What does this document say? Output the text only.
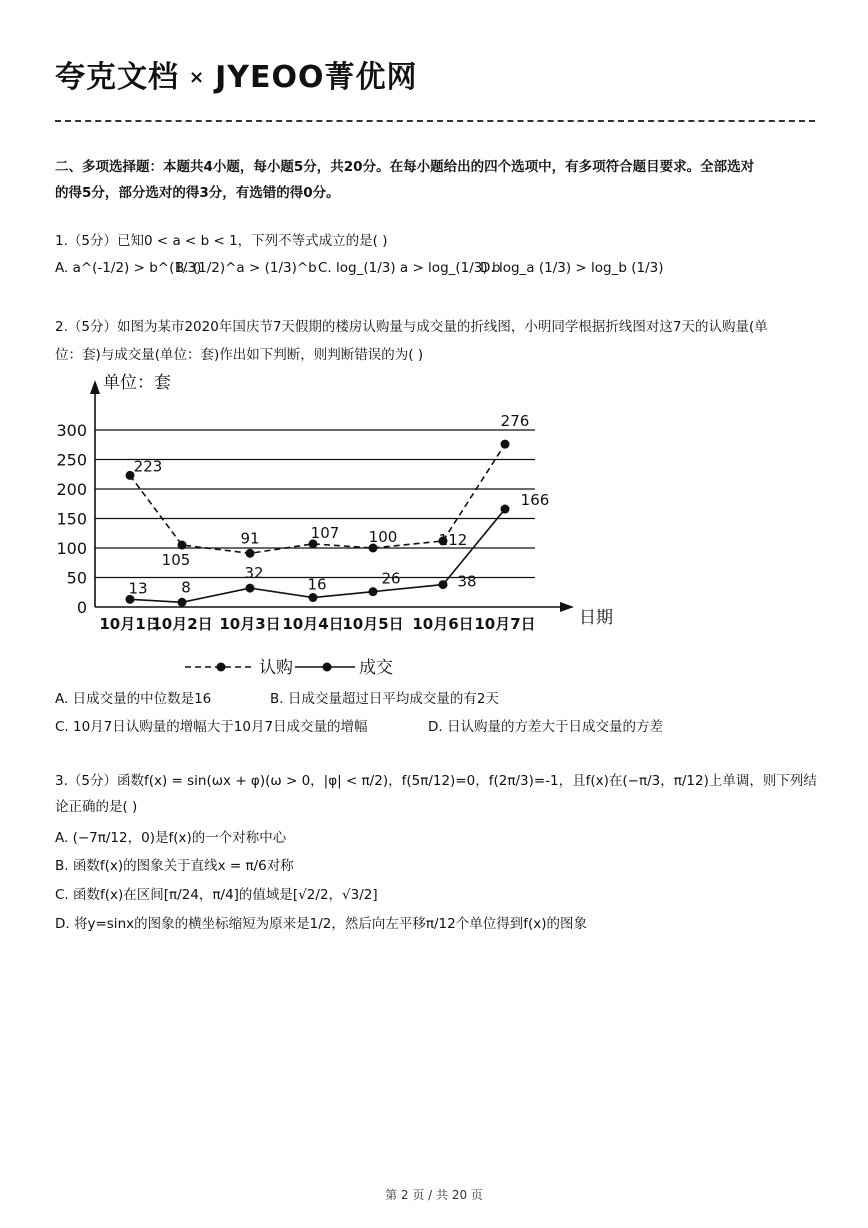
夸克文档 × JYEOO菁优网
二、多项选择题：本题共4小题，每小题5分，共20分。在每小题给出的四个选项中，有多项符合题目要求。全部选对
的得5分，部分选对的得3分，有选错的得0分。
1.（5分）已知0 < a < b < 1，下列不等式成立的是( )
A. a^(-1/2) > b^(1/3)
B. (1/2)^a > (1/3)^b C. log_(1/3) a > log_(1/3) b
D. log_a (1/3) > log_b (1/3)
2.（5分）如图为某市2020年国庆节7天假期的楼房认购量与成交量的折线图，小明同学根据折线图对这7天的认购量(单
位：套)与成交量(单位：套)作出如下判断，则判断错误的为( )
单位：套
0
50
100
150
200
250
300
日期
10月1日
10月2日 10月3日 10月4日
10月5日 10月6日 10月7日
223
105
91	107 100	112
276
13 8
32
16	26	38
166
认购	成交
A. 日成交量的中位数是16	B. 日成交量超过日平均成交量的有2天
C. 10月7日认购量的增幅大于10月7日成交量的增幅	D. 日认购量的方差大于日成交量的方差
3.（5分）函数f(x) = sin(ωx + φ)(ω > 0，|φ| < π/2)，f(5π/12)=0，f(2π/3)=-1，且f(x)在(−π/3，π/12)上单调，则下列结
论正确的是( )
A. (−7π/12，0)是f(x)的一个对称中心
B. 函数f(x)的图象关于直线x = π/6对称
C. 函数f(x)在区间[π/24，π/4]的值域是[√2/2，√3/2]
D. 将y=sinx的图象的横坐标缩短为原来是1/2，然后向左平移π/12个单位得到f(x)的图象
第 2 页 / 共 20 页
